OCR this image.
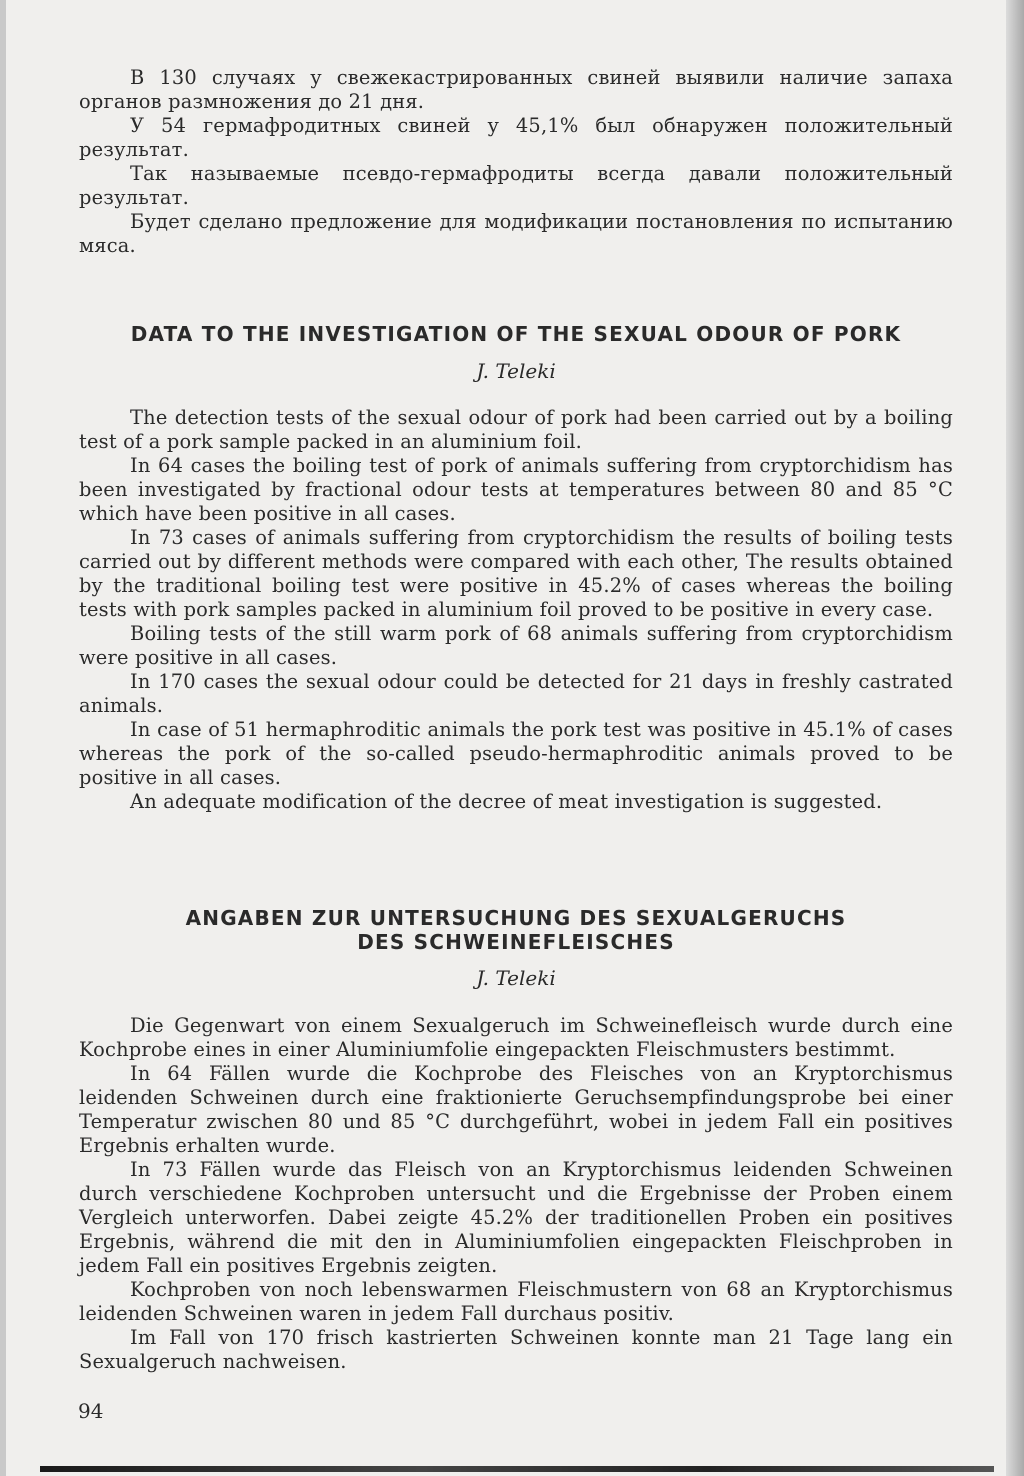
В 130 случаях у свежекастрированных свиней выявили наличие запаха органов размножения до 21 дня.

У 54 гермафродитных свиней у 45,1% был обнаружен положительный результат.

Так называемые псевдо-гермафродиты всегда давали положительный результат.

Будет сделано предложение для модификации постановления по испытанию мяса.

DATA TO THE INVESTIGATION OF THE SEXUAL ODOUR OF PORK

J. Teleki

The detection tests of the sexual odour of pork had been carried out by a boiling test of a pork sample packed in an aluminium foil.

In 64 cases the boiling test of pork of animals suffering from cryptorchidism has been investigated by fractional odour tests at temperatures between 80 and 85 °C which have been positive in all cases.

In 73 cases of animals suffering from cryptorchidism the results of boiling tests carried out by different methods were compared with each other, The results obtained by the traditional boiling test were positive in 45.2% of cases whereas the boiling tests with pork samples packed in aluminium foil proved to be positive in every case.

Boiling tests of the still warm pork of 68 animals suffering from cryptorchidism were positive in all cases.

In 170 cases the sexual odour could be detected for 21 days in freshly castrated animals.

In case of 51 hermaphroditic animals the pork test was positive in 45.1% of cases whereas the pork of the so-called pseudo-hermaphroditic animals proved to be positive in all cases.

An adequate modification of the decree of meat investigation is suggested.

ANGABEN ZUR UNTERSUCHUNG DES SEXUALGERUCHS
DES SCHWEINEFLEISCHES

J. Teleki

Die Gegenwart von einem Sexualgeruch im Schweinefleisch wurde durch eine Kochprobe eines in einer Aluminiumfolie eingepackten Fleischmusters bestimmt.

In 64 Fällen wurde die Kochprobe des Fleisches von an Kryptorchismus leidenden Schweinen durch eine fraktionierte Geruchsempfindungsprobe bei einer Temperatur zwischen 80 und 85 °C durchgeführt, wobei in jedem Fall ein positives Ergebnis erhalten wurde.

In 73 Fällen wurde das Fleisch von an Kryptorchismus leidenden Schweinen durch verschiedene Kochproben untersucht und die Ergebnisse der Proben einem Vergleich unterworfen. Dabei zeigte 45.2% der traditionellen Proben ein positives Ergebnis, während die mit den in Aluminiumfolien eingepackten Fleischproben in jedem Fall ein positives Ergebnis zeigten.

Kochproben von noch lebenswarmen Fleischmustern von 68 an Kryptorchismus leidenden Schweinen waren in jedem Fall durchaus positiv.

Im Fall von 170 frisch kastrierten Schweinen konnte man 21 Tage lang ein Sexualgeruch nachweisen.

94
